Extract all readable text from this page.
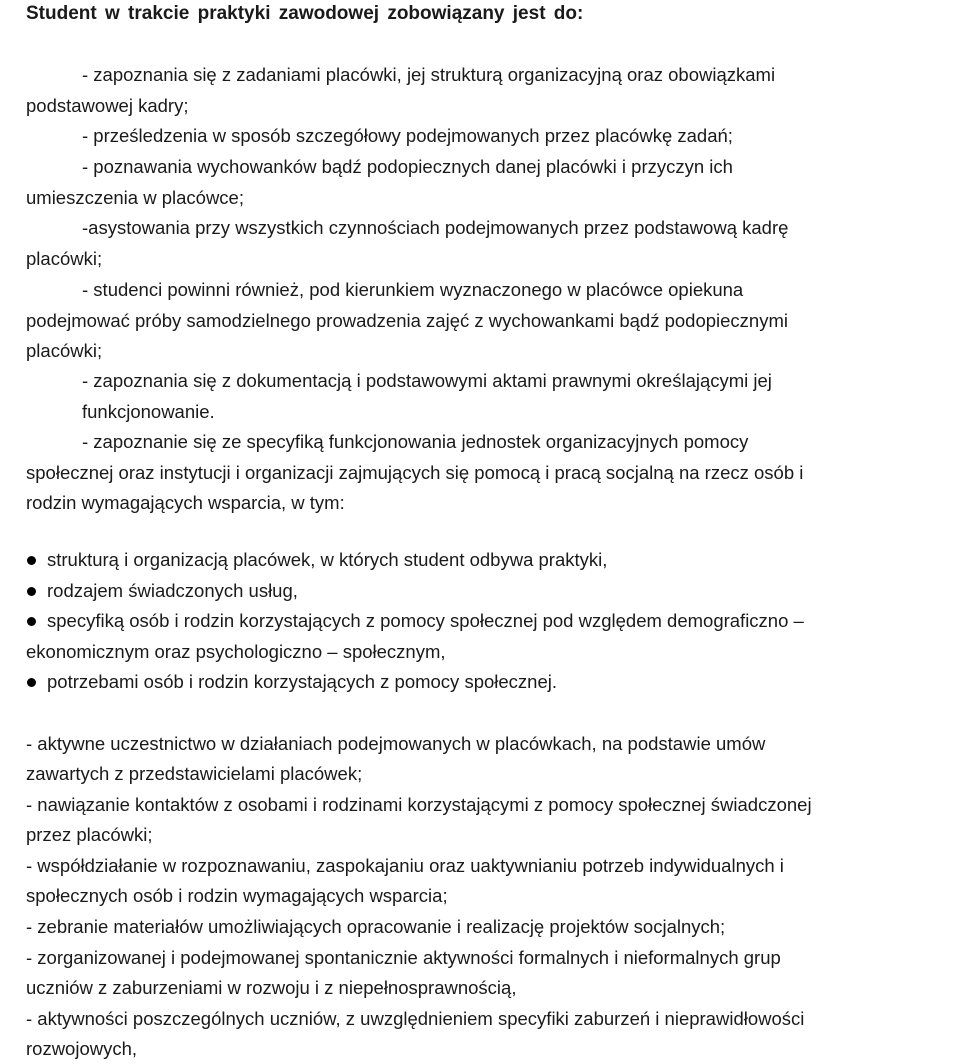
Student w trakcie praktyki zawodowej zobowiązany jest do:
- zapoznania się z zadaniami placówki, jej strukturą organizacyjną oraz obowiązkami
podstawowej kadry;
- prześledzenia w sposób szczegółowy podejmowanych przez placówkę zadań;
- poznawania wychowanków bądź podopiecznych danej placówki i przyczyn ich
umieszczenia w placówce;
-asystowania przy wszystkich czynnościach podejmowanych przez podstawową kadrę
placówki;
- studenci powinni również, pod kierunkiem wyznaczonego w placówce opiekuna
podejmować próby samodzielnego prowadzenia zajęć z wychowankami bądź podopiecznymi
placówki;
- zapoznania się z dokumentacją i podstawowymi aktami prawnymi określającymi jej
funkcjonowanie.
- zapoznanie się ze specyfiką funkcjonowania jednostek organizacyjnych pomocy
społecznej oraz instytucji i organizacji zajmujących się pomocą i pracą socjalną na rzecz osób i
rodzin wymagających wsparcia, w tym:
strukturą i organizacją placówek, w których student odbywa praktyki,
rodzajem świadczonych usług,
specyfiką osób i rodzin korzystających z pomocy społecznej pod względem demograficzno –
ekonomicznym oraz psychologiczno – społecznym,
potrzebami osób i rodzin korzystających z pomocy społecznej.
- aktywne uczestnictwo w działaniach podejmowanych w placówkach, na podstawie umów
zawartych z przedstawicielami placówek;
- nawiązanie kontaktów z osobami i rodzinami korzystającymi z pomocy społecznej świadczonej
przez placówki;
- współdziałanie w rozpoznawaniu, zaspokajaniu oraz uaktywnianiu potrzeb indywidualnych i
społecznych osób i rodzin wymagających wsparcia;
- zebranie materiałów umożliwiających opracowanie i realizację projektów socjalnych;
- zorganizowanej i podejmowanej spontanicznie aktywności formalnych i nieformalnych grup
uczniów z zaburzeniami w rozwoju i z niepełnosprawnością,
- aktywności poszczególnych uczniów, z uwzględnieniem specyfiki zaburzeń i nieprawidłowości
rozwojowych,
